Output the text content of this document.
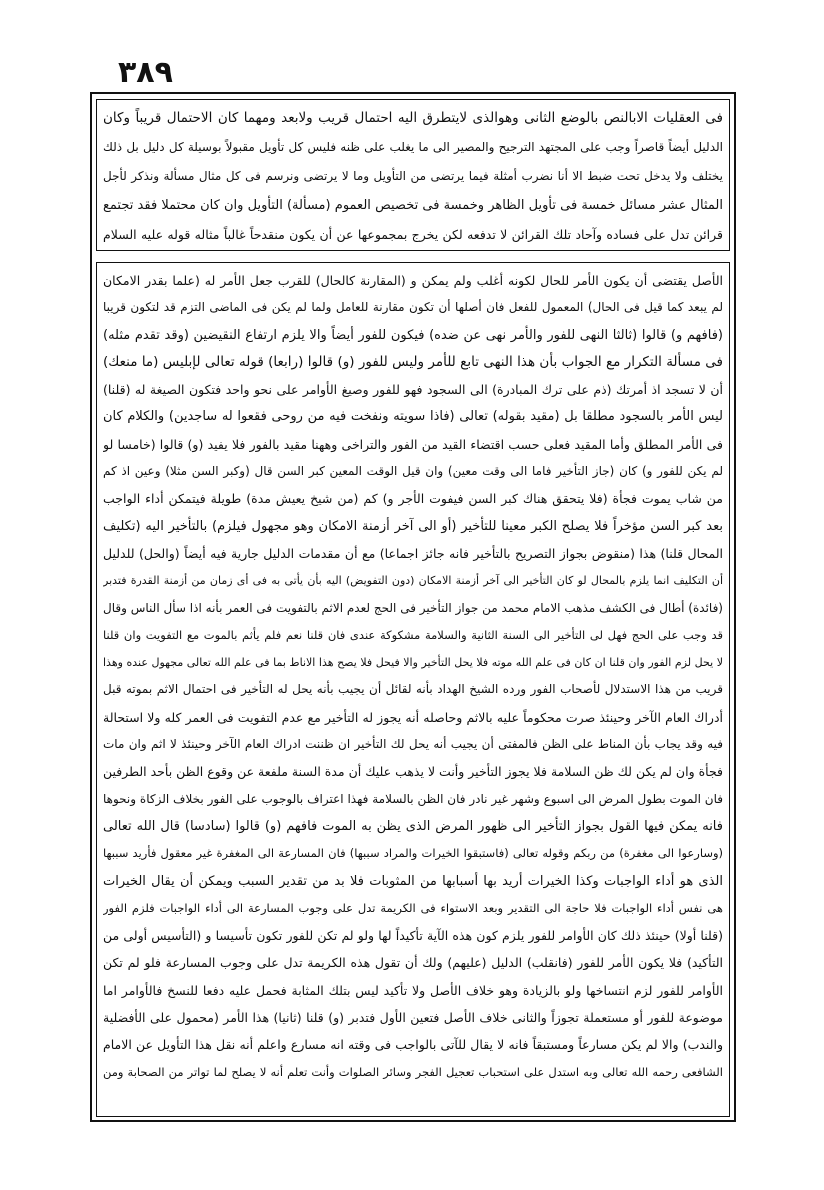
٣٨٩
فى العقليات الابالنص بالوضع الثانى وهوالذى لايتطرق اليه احتمال قريب ولابعد ومهما كان الاحتمال قريباً وكان
الدليل أيضاً قاصراً وجب على المجتهد الترجيح والمصير الى ما يغلب على ظنه فليس كل تأويل مقبولاً بوسيلة كل دليل بل ذلك
يختلف ولا يدخل تحت ضبط الا أنا نضرب أمثلة فيما يرتضى من التأويل وما لا يرتضى ونرسم فى كل مثال مسألة ونذكر لأجل
المثال عشر مسائل خمسة فى تأويل الظاهر وخمسة فى تخصيص العموم (مسألة) التأويل وان كان محتملا فقد تجتمع
قرائن تدل على فساده وآحاد تلك القرائن لا تدفعه لكن يخرج بمجموعها عن أن يكون منقدحاً غالباً مثاله قوله عليه السلام
الأصل يقتضى أن يكون الأمر للحال لكونه أغلب ولم يمكن و (المقارنة كالحال) للقرب جعل الأمر له (علما بقدر الامكان
لم يبعد كما قيل فى الحال) المعمول للفعل فان أصلها أن تكون مقارنة للعامل ولما لم يكن فى الماضى التزم قد لتكون قريبا
(فافهم و) قالوا (ثالثا النهى للفور والأمر نهى عن ضده) فيكون للفور أيضاً والا يلزم ارتفاع النقيضين (وقد تقدم مثله)
فى مسألة التكرار مع الجواب بأن هذا النهى تابع للأمر وليس للفور (و) قالوا (رابعا) قوله تعالى لإبليس (ما منعك)
أن لا تسجد اذ أمرتك (ذم على ترك المبادرة) الى السجود فهو للفور وصيغ الأوامر على نحو واحد فتكون الصيغة له (قلنا)
ليس الأمر بالسجود مطلقا بل (مقيد بقوله) تعالى (فاذا سويته ونفخت فيه من روحى فقعوا له ساجدين) والكلام كان
فى الأمر المطلق وأما المقيد فعلى حسب اقتضاء القيد من الفور والتراخى وههنا مقيد بالفور فلا يفيد (و) قالوا (خامسا لو
لم يكن للفور و) كان (جاز التأخير فاما الى وقت معين) وان قيل الوقت المعين كبر السن قال (وكبر السن مثلا) وعين اذ كم
من شاب يموت فجأة (فلا يتحقق هناك كبر السن فيفوت الأجر و) كم (من شيخ يعيش مدة) طويلة فيتمكن أداء الواجب
بعد كبر السن مؤخراً فلا يصلح الكبر معينا للتأخير (أو الى آخر أزمنة الامكان وهو مجهول فيلزم) بالتأخير اليه (تكليف
المحال قلنا) هذا (منقوض بجواز التصريح بالتأخير فانه جائز اجماعا) مع أن مقدمات الدليل جارية فيه أيضاً (والحل) للدليل
أن التكليف انما يلزم بالمحال لو كان التأخير الى آخر أزمنة الامكان (دون التفويض) اليه بأن يأتى به فى أى زمان من أزمنة القدرة فتدبر
(فائدة) أطال فى الكشف مذهب الامام محمد من جواز التأخير فى الحج لعدم الاثم بالتفويت فى العمر بأنه اذا سأل الناس وقال
قد وجب على الحج فهل لى التأخير الى السنة الثانية والسلامة مشكوكة عندى فان قلنا نعم فلم يأثم بالموت مع التفويت وان قلنا
لا يحل لزم الفور وان قلنا ان كان فى علم الله موته فلا يحل التأخير والا فيحل فلا يصح هذا الاناط بما فى علم الله تعالى مجهول عنده وهذا
قريب من هذا الاستدلال لأصحاب الفور ورده الشيخ الهداد بأنه لقائل أن يجيب بأنه يحل له التأخير فى احتمال الاثم بموته قبل
أدراك العام الآخر وحينئذ صرت محكوماً عليه بالاثم وحاصله أنه يجوز له التأخير مع عدم التفويت فى العمر كله ولا استحالة
فيه وقد يجاب بأن المناط على الظن فالمفتى أن يجيب أنه يحل لك التأخير ان ظننت ادراك العام الآخر وحينئذ لا اثم وان مات
فجأة وان لم يكن لك ظن السلامة فلا يجوز التأخير وأنت لا يذهب عليك أن مدة السنة ملفعة عن وقوع الظن بأحد الطرفين
فان الموت بطول المرض الى اسبوع وشهر غير نادر فان الظن بالسلامة فهذا اعتراف بالوجوب على الفور بخلاف الزكاة ونحوها
فانه يمكن فيها القول بجواز التأخير الى ظهور المرض الذى يظن به الموت فافهم (و) قالوا (سادسا) قال الله تعالى
(وسارعوا الى مغفرة) من ربكم وقوله تعالى (فاستبقوا الخيرات والمراد سببها) فان المسارعة الى المغفرة غير معقول فأريد سببها
الذى هو أداء الواجبات وكذا الخيرات أريد بها أسبابها من المثوبات فلا بد من تقدير السبب ويمكن أن يقال الخيرات
هى نفس أداء الواجبات فلا حاجة الى التقدير وبعد الاستواء فى الكريمة تدل على وجوب المسارعة الى أداء الواجبات فلزم الفور
(قلنا أولا) حينئذ ذلك كان الأوامر للفور يلزم كون هذه الآية تأكيداً لها ولو لم تكن للفور تكون تأسيسا و (التأسيس أولى من
التأكيد) فلا يكون الأمر للفور (فانقلب) الدليل (عليهم) ولك أن تقول هذه الكريمة تدل على وجوب المسارعة فلو لم تكن
الأوامر للفور لزم انتساخها ولو بالزيادة وهو خلاف الأصل ولا تأكيد ليس بتلك المثابة فحمل عليه دفعا للنسخ فالأوامر اما
موضوعة للفور أو مستعملة تجوزاً والثانى خلاف الأصل فتعين الأول فتدبر (و) قلنا (ثانيا) هذا الأمر (محمول على الأفضلية
والندب) والا لم يكن مسارعاً ومستبقاً فانه لا يقال للآتى بالواجب فى وقته انه مسارع واعلم أنه نقل هذا التأويل عن الامام
الشافعى رحمه الله تعالى وبه استدل على استحباب تعجيل الفجر وسائر الصلوات وأنت تعلم أنه لا يصلح لما تواتر من الصحابة ومن
